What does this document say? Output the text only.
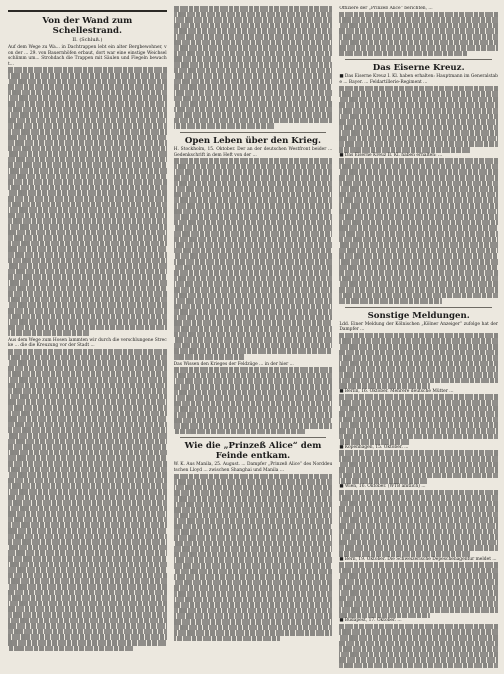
Von der Wand zum Schellestrand.
II. (Schluß.)

Auf dem Wege zu Wa... in Dachtrappen lebt ein alter Bergbewohner, von der ... 29. von Bauernhöfen erbaut, dort war eine einstige Weichsel schlimm um... Strohdach die Trappen mit Säulen und Flegeln bewacht...

Aus dem Wege zum Hosen lammten wir durch die verschlungene Strecke ... die die Kreuzung vor der Stadt ...

Open Leben über den Krieg.

H. Stockholm, 15. Oktober. Der an der deutschen Westfront beider ... Gedenkschrift in dem Heft von der ...

Das Wissen den Krieges der Feldzüge ... in der hier ...

Wie die „Prinzeß Alice“ dem Feinde entkam.

W. K. Aus Manila, 25. August. ... Dampfer „Prinzeß Alice“ des Norddeutschen Lloyd ... zwischen Shanghai und Manila ...

Offiziere der „Prinzeß Alice“ berichten, ...

Das Eiserne Kreuz.

■ Das Eiserne Kreuz I. Kl. haben erhalten: Hauptmann im Generalstabe ... Bayer. ... Feldartillerie-Regiment ...

■ Das Eiserne Kreuz II. Kl. haben erhalten: ...

Sonstige Meldungen.

Ldd. Einer Meldung der Kölnischen „Kölner Anzeiger“ zufolge hat der Dampfer ...

■ Berlin, 16. Oktober. Mehrere deutsche Mütter ...

■ Kopenhagen, 15. Oktober. ...

■ Wien, 16. Oktober. (WTB amtlich) ...

■ Bern, 19. Oktober. Die Schweizerische Depeschenagentur meldet ...

■ Budapest, 17. Oktober. ...
